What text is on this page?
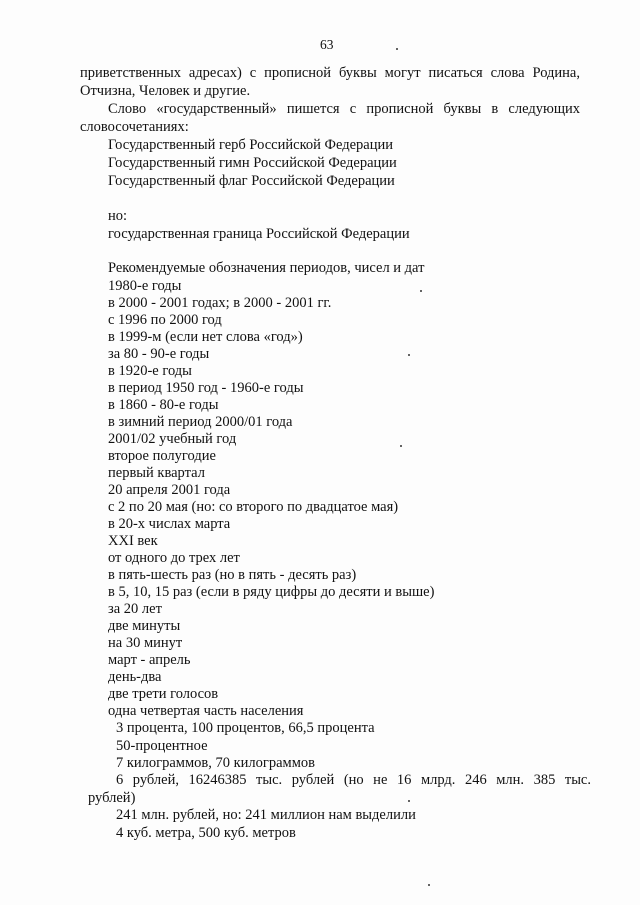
63
приветственных адресах) с прописной буквы могут писаться слова Родина,
Отчизна, Человек и другие.
Слово «государственный» пишется с прописной буквы в следующих
словосочетаниях:
Государственный герб Российской Федерации
Государственный гимн Российской Федерации
Государственный флаг Российской Федерации
но:
государственная граница Российской Федерации
Рекомендуемые обозначения периодов, чисел и дат
1980-е годы
в 2000 - 2001 годах; в 2000 - 2001 гг.
с 1996 по 2000 год
в 1999-м (если нет слова «год»)
за 80 - 90-е годы
в 1920-е годы
в период 1950 год - 1960-е годы
в 1860 - 80-е годы
в зимний период 2000/01 года
2001/02 учебный год
второе полугодие
первый квартал
20 апреля 2001 года
с 2 по 20 мая (но: со второго по двадцатое мая)
в 20-х числах марта
XXI век
от одного до трех лет
в пять-шесть раз (но в пять - десять раз)
в 5, 10, 15 раз (если в ряду цифры до десяти и выше)
за 20 лет
две минуты
на 30 минут
март - апрель
день-два
две трети голосов
одна четвертая часть населения
3 процента, 100 процентов, 66,5 процента
50-процентное
7 килограммов, 70 килограммов
6 рублей, 16246385 тыс. рублей (но не 16 млрд. 246 млн. 385 тыс.
рублей)
241 млн. рублей, но: 241 миллион нам выделили
4 куб. метра, 500 куб. метров
